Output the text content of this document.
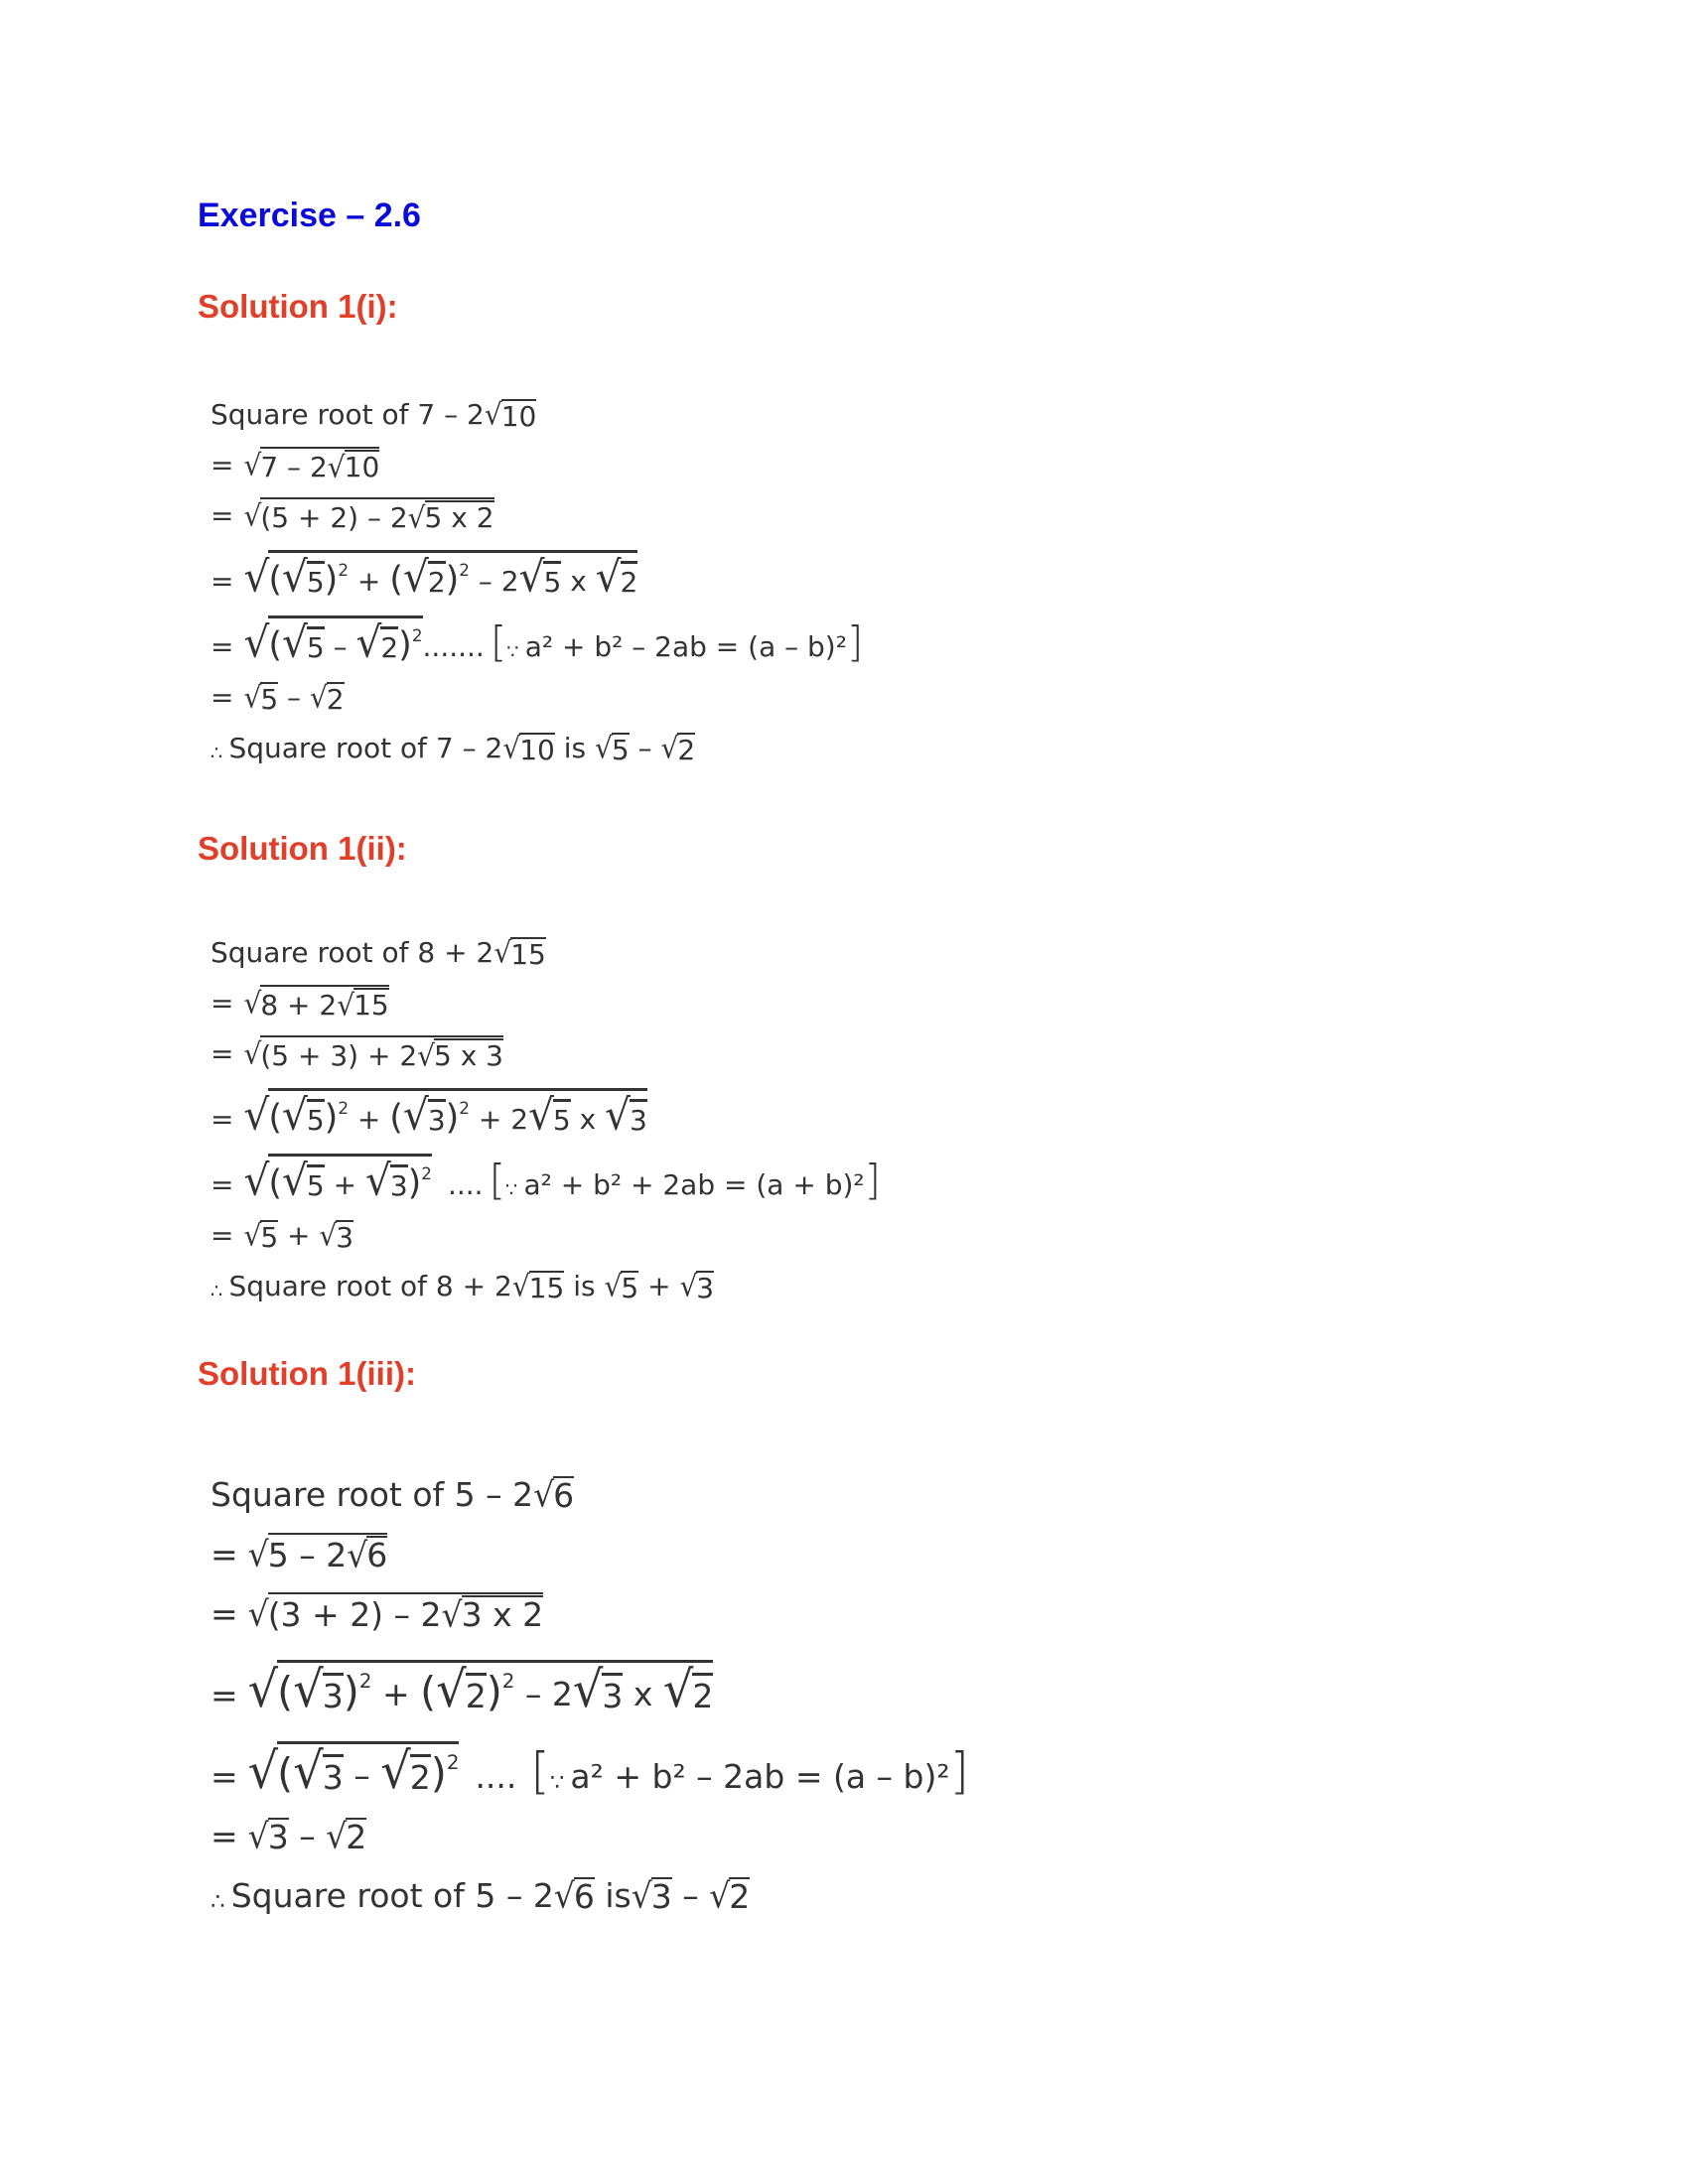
Exercise – 2.6
Solution 1(i):
Square root of
7
–
2 √ 10
= √ 7 – 2 √ 10
= √ (5 + 2) – 2 √ 5 x 2
= √ ( √ 5 )$^2$ + ( √ 2 )$^2$ – 2 √ 5 x √ 2
= √ ( √ 5 – √ 2 )$^2$ ....... [ ∵ a² + b² – 2ab = (a – b)² ]
= √ 5
–
√ 2
∴ Square root of
7
–
2 √ 10
is
√ 5
–
√ 2
Solution 1(ii):
Square root of
8
+
2 √ 15
= √ 8 + 2 √ 15
= √ (5 + 3) + 2 √ 5 x 3
= √ ( √ 5 )$^2$ + ( √ 3 )$^2$ + 2 √ 5 x √ 3
= √ ( √ 5 + √ 3 )$^2$ .... [ ∵ a² + b² + 2ab = (a + b)² ]
= √ 5
+
√ 3
∴ Square root of
8
+
2 √ 15
is
√ 5
+
√ 3
Solution 1(iii):
Square root of
5
–
2 √ 6
= √ 5 – 2 √ 6
= √ (3 + 2) – 2 √ 3 x 2
= √ ( √ 3 )$^2$ + ( √ 2 )$^2$ – 2 √ 3 x √ 2
= √ ( √ 3 – √ 2 )$^2$ .... [ ∵ a² + b² – 2ab = (a – b)² ]
= √ 3
–
√ 2
∴ Square root of
5
–
2 √ 6
is √ 3
–
√ 2
